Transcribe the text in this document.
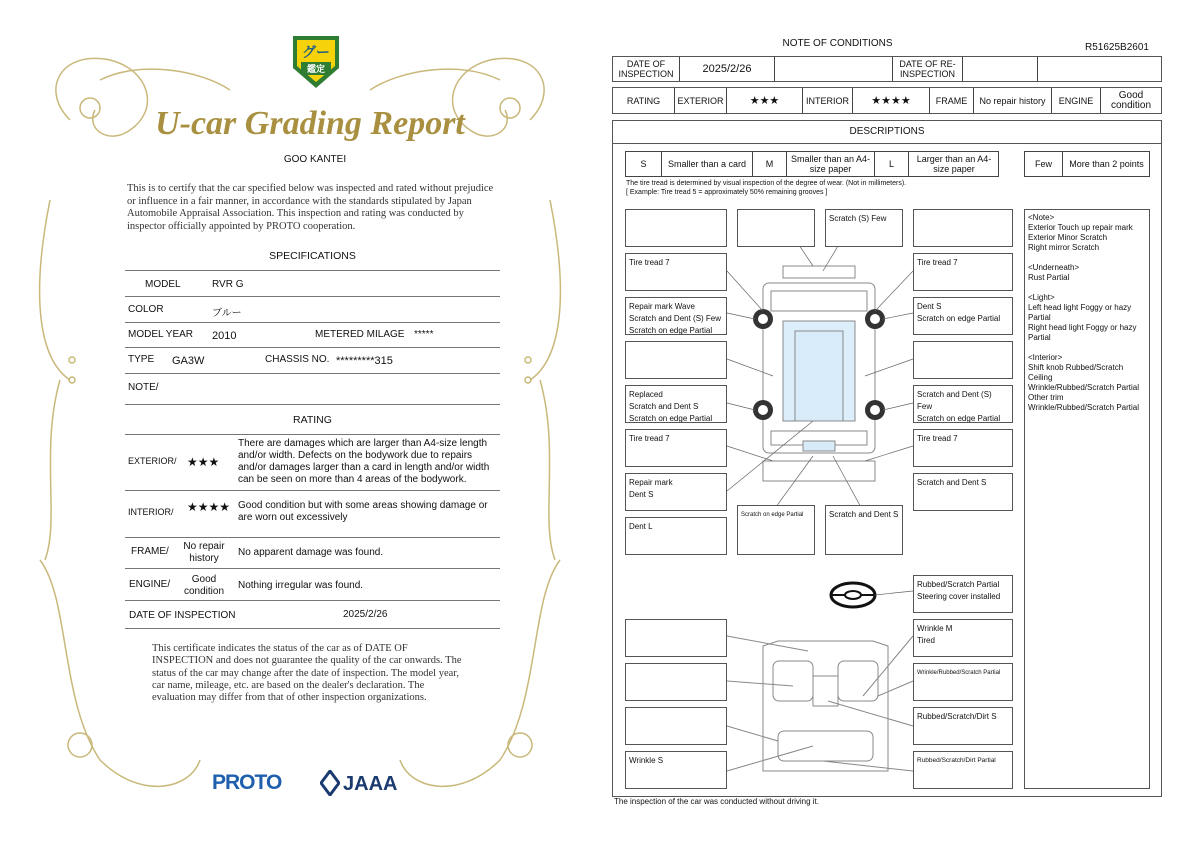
グー
鑑定
U-car Grading Report
GOO KANTEI
This is to certify that the car specified below was inspected and rated without prejudice or influence in a fair manner, in accordance with the standards stipulated by Japan Automobile Appraisal Association. This inspection and rating was conducted by inspector officially appointed by PROTO cooperation.
SPECIFICATIONS
MODEL	RVR G
COLOR	ブルー
MODEL YEAR 2010	METERED MILAGE *****
TYPE GA3W	CHASSIS NO. *********315
NOTE/
RATING
EXTERIOR/ ★★★
There are damages which are larger than A4-size length and/or width. Defects on the bodywork due to repairs and/or damages larger than a card in length and/or width can be seen on more than 4 areas of the bodywork.
INTERIOR/ ★★★★ Good condition but with some areas showing damage or are worn out excessively
FRAME/	No repair history
No apparent damage was found.
ENGINE/	Good condition
Nothing irregular was found.
DATE OF INSPECTION	2025/2/26
This certificate indicates the status of the car as of DATE OF INSPECTION and does not guarantee the quality of the car onwards. The status of the car may change after the date of inspection. The model year, car name, mileage, etc. are based on the dealer's declaration. The evaluation may differ from that of other inspection organizations.
PROTO	JAAA
NOTE OF CONDITIONS	R51625B2601
DATE OF INSPECTION	2025/2/26	DATE OF RE-INSPECTION
RATING	EXTERIOR	★★★	INTERIOR	★★★★	FRAME	No repair history	ENGINE	Good condition
DESCRIPTIONS
S	Smaller than a card	M	Smaller than an A4-size paper	L	Larger than an A4-size paper	Few	More than 2 points
The tire tread is determined by visual inspection of the degree of wear. (Not in millimeters).
[ Example: Tire tread 5 = approximately 50% remaining grooves ]
Scratch (S) Few
Tire tread 7	Tire tread 7
Repair mark Wave
Scratch and Dent (S) Few
Scratch on edge Partial
Dent S
Scratch on edge Partial
Replaced
Scratch and Dent S
Scratch on edge Partial
Scratch and Dent (S) Few
Scratch on edge Partial
Tire tread 7	Tire tread 7
Repair mark
Dent S
Scratch and Dent S
Dent L
Scratch on edge Partial	Scratch and Dent S
Rubbed/Scratch Partial
Steering cover installed
Wrinkle M
Tired
Wrinkle/Rubbed/Scratch Partial
Rubbed/Scratch/Dirt S
Wrinkle S	Rubbed/Scratch/Dirt Partial
<Note>
Exterior Touch up repair mark
Exterior Minor Scratch
Right mirror Scratch

<Underneath>
Rust Partial

<Light>
Left head light Foggy or hazy Partial
Right head light Foggy or hazy Partial

<Interior>
Shift knob Rubbed/Scratch
Ceiling
Wrinkle/Rubbed/Scratch Partial
Other trim
Wrinkle/Rubbed/Scratch Partial
The inspection of the car was conducted without driving it.
